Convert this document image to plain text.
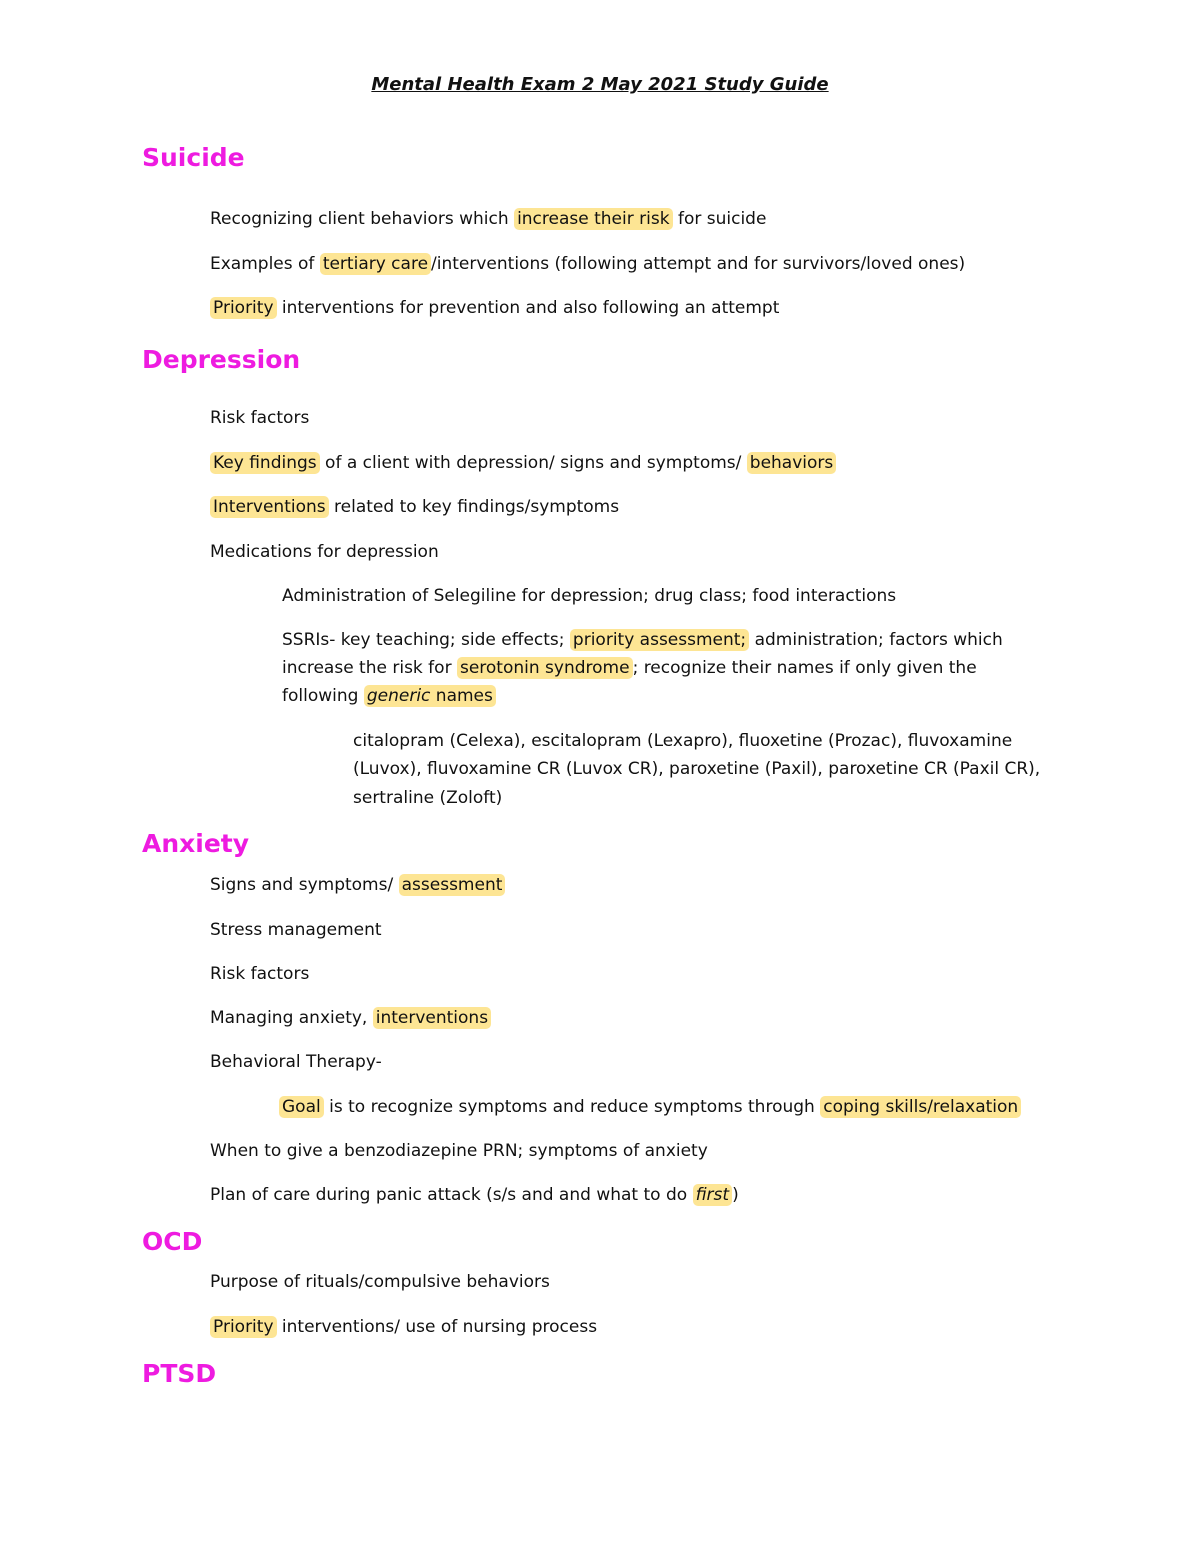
Mental Health Exam 2 May 2021 Study Guide
Suicide
Recognizing client behaviors which increase their risk for suicide
Examples of tertiary care /interventions (following attempt and for survivors/loved ones)
Priority interventions for prevention and also following an attempt
Depression
Risk factors
Key findings of a client with depression/ signs and symptoms/ behaviors
Interventions related to key findings/symptoms
Medications for depression
Administration of Selegiline for depression; drug class; food interactions
SSRIs- key teaching; side effects; priority assessment; administration; factors which
increase the risk for serotonin syndrome ; recognize their names if only given the
following generic names
citalopram (Celexa), escitalopram (Lexapro), fluoxetine (Prozac), fluvoxamine
(Luvox), fluvoxamine CR (Luvox CR), paroxetine (Paxil), paroxetine CR (Paxil CR),
sertraline (Zoloft)
Anxiety
Signs and symptoms/ assessment
Stress management
Risk factors
Managing anxiety, interventions
Behavioral Therapy-
Goal is to recognize symptoms and reduce symptoms through coping skills/relaxation
When to give a benzodiazepine PRN; symptoms of anxiety
Plan of care during panic attack (s/s and and what to do first )
OCD
Purpose of rituals/compulsive behaviors
Priority interventions/ use of nursing process
PTSD
